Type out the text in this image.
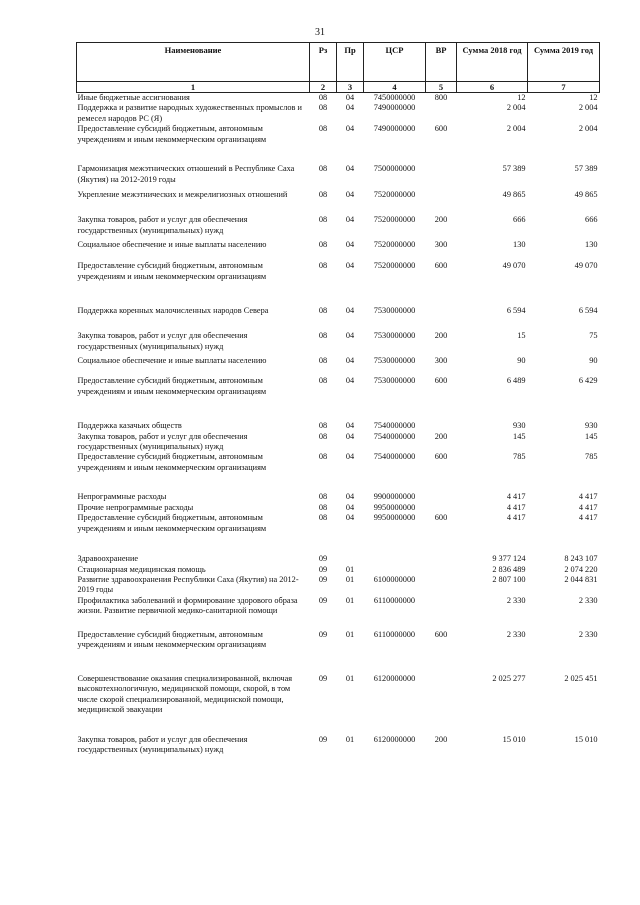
31
Наименование	Рз	Пр	ЦСР	ВР	Сумма 2018 год	Сумма 2019 год
1	2	3	4	5	6	7
Иные бюджетные ассигнования	08	04	7450000000	800	12	12
Поддержка и развитие народных художественных промыслов и ремесел народов РС (Я)	08	04	7490000000		2 004	2 004
Предоставление субсидий бюджетным, автономным учреждениям и иным некоммерческим организациям	08	04	7490000000	600	2 004	2 004
Гармонизация межэтнических отношений в Республике Саха (Якутия) на 2012-2019 годы	08	04	7500000000		57 389	57 389
Укрепление межэтнических и межрелигиозных отношений	08	04	7520000000		49 865	49 865
Закупка товаров, работ и услуг для обеспечения государственных (муниципальных) нужд	08	04	7520000000	200	666	666
Социальное обеспечение и иные выплаты населению	08	04	7520000000	300	130	130
Предоставление субсидий бюджетным, автономным учреждениям и иным некоммерческим организациям	08	04	7520000000	600	49 070	49 070
Поддержка коренных малочисленных народов Севера	08	04	7530000000		6 594	6 594
Закупка товаров, работ и услуг для обеспечения государственных (муниципальных) нужд	08	04	7530000000	200	15	75
Социальное обеспечение и иные выплаты населению	08	04	7530000000	300	90	90
Предоставление субсидий бюджетным, автономным учреждениям и иным некоммерческим организациям	08	04	7530000000	600	6 489	6 429
Поддержка казачьих обществ	08	04	7540000000		930	930
Закупка товаров, работ и услуг для обеспечения государственных (муниципальных) нужд	08	04	7540000000	200	145	145
Предоставление субсидий бюджетным, автономным учреждениям и иным некоммерческим организациям	08	04	7540000000	600	785	785
Непрограммные расходы	08	04	9900000000		4 417	4 417
Прочие непрограммные расходы	08	04	9950000000		4 417	4 417
Предоставление субсидий бюджетным, автономным учреждениям и иным некоммерческим организациям	08	04	9950000000	600	4 417	4 417
Здравоохранение	09				9 377 124	8 243 107
Стационарная медицинская помощь	09	01			2 836 489	2 074 220
Развитие здравоохранения Республики Саха (Якутия) на 2012-2019 годы	09	01	6100000000		2 807 100	2 044 831
Профилактика заболеваний и формирование здорового образа жизни. Развитие первичной медико-санитарной помощи	09	01	6110000000		2 330	2 330
Предоставление субсидий бюджетным, автономным учреждениям и иным некоммерческим организациям	09	01	6110000000	600	2 330	2 330
Совершенствование оказания специализированной, включая высокотехнологичную, медицинской помощи, скорой, в том числе скорой специализированной, медицинской помощи, медицинской эвакуации	09	01	6120000000		2 025 277	2 025 451
Закупка товаров, работ и услуг для обеспечения государственных (муниципальных) нужд	09	01	6120000000	200	15 010	15 010
